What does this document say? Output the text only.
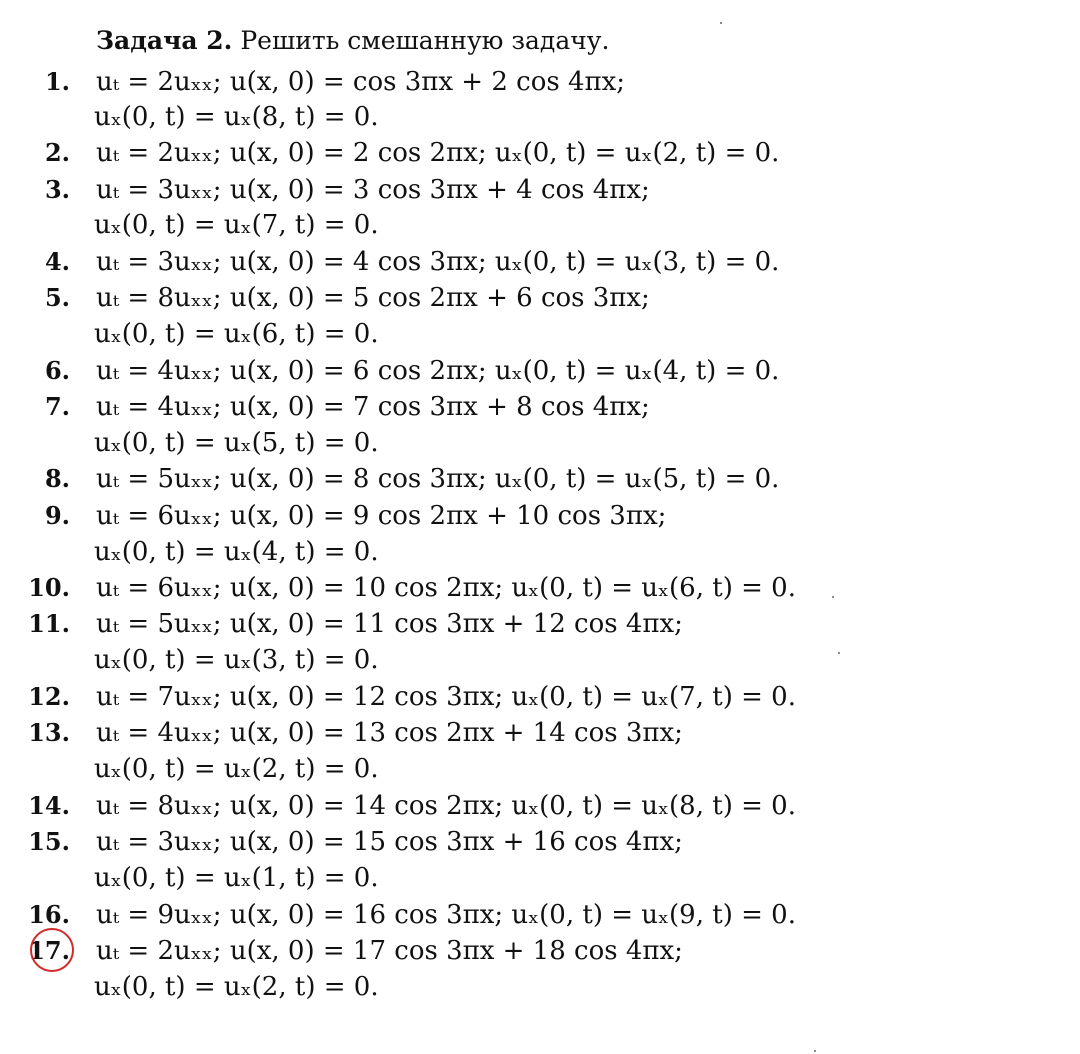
Задача 2. Решить смешанную задачу.
1. uₜ = 2uₓₓ; u(x, 0) = cos 3πx + 2 cos 4πx;
uₓ(0, t) = uₓ(8, t) = 0.
2. uₜ = 2uₓₓ; u(x, 0) = 2 cos 2πx; uₓ(0, t) = uₓ(2, t) = 0.
3. uₜ = 3uₓₓ; u(x, 0) = 3 cos 3πx + 4 cos 4πx;
uₓ(0, t) = uₓ(7, t) = 0.
4. uₜ = 3uₓₓ; u(x, 0) = 4 cos 3πx; uₓ(0, t) = uₓ(3, t) = 0.
5. uₜ = 8uₓₓ; u(x, 0) = 5 cos 2πx + 6 cos 3πx;
uₓ(0, t) = uₓ(6, t) = 0.
6. uₜ = 4uₓₓ; u(x, 0) = 6 cos 2πx; uₓ(0, t) = uₓ(4, t) = 0.
7. uₜ = 4uₓₓ; u(x, 0) = 7 cos 3πx + 8 cos 4πx;
uₓ(0, t) = uₓ(5, t) = 0.
8. uₜ = 5uₓₓ; u(x, 0) = 8 cos 3πx; uₓ(0, t) = uₓ(5, t) = 0.
9. uₜ = 6uₓₓ; u(x, 0) = 9 cos 2πx + 10 cos 3πx;
uₓ(0, t) = uₓ(4, t) = 0.
10. uₜ = 6uₓₓ; u(x, 0) = 10 cos 2πx; uₓ(0, t) = uₓ(6, t) = 0.
11. uₜ = 5uₓₓ; u(x, 0) = 11 cos 3πx + 12 cos 4πx;
uₓ(0, t) = uₓ(3, t) = 0.
12. uₜ = 7uₓₓ; u(x, 0) = 12 cos 3πx; uₓ(0, t) = uₓ(7, t) = 0.
13. uₜ = 4uₓₓ; u(x, 0) = 13 cos 2πx + 14 cos 3πx;
uₓ(0, t) = uₓ(2, t) = 0.
14. uₜ = 8uₓₓ; u(x, 0) = 14 cos 2πx; uₓ(0, t) = uₓ(8, t) = 0.
15. uₜ = 3uₓₓ; u(x, 0) = 15 cos 3πx + 16 cos 4πx;
uₓ(0, t) = uₓ(1, t) = 0.
16. uₜ = 9uₓₓ; u(x, 0) = 16 cos 3πx; uₓ(0, t) = uₓ(9, t) = 0.
17. uₜ = 2uₓₓ; u(x, 0) = 17 cos 3πx + 18 cos 4πx;
uₓ(0, t) = uₓ(2, t) = 0.
